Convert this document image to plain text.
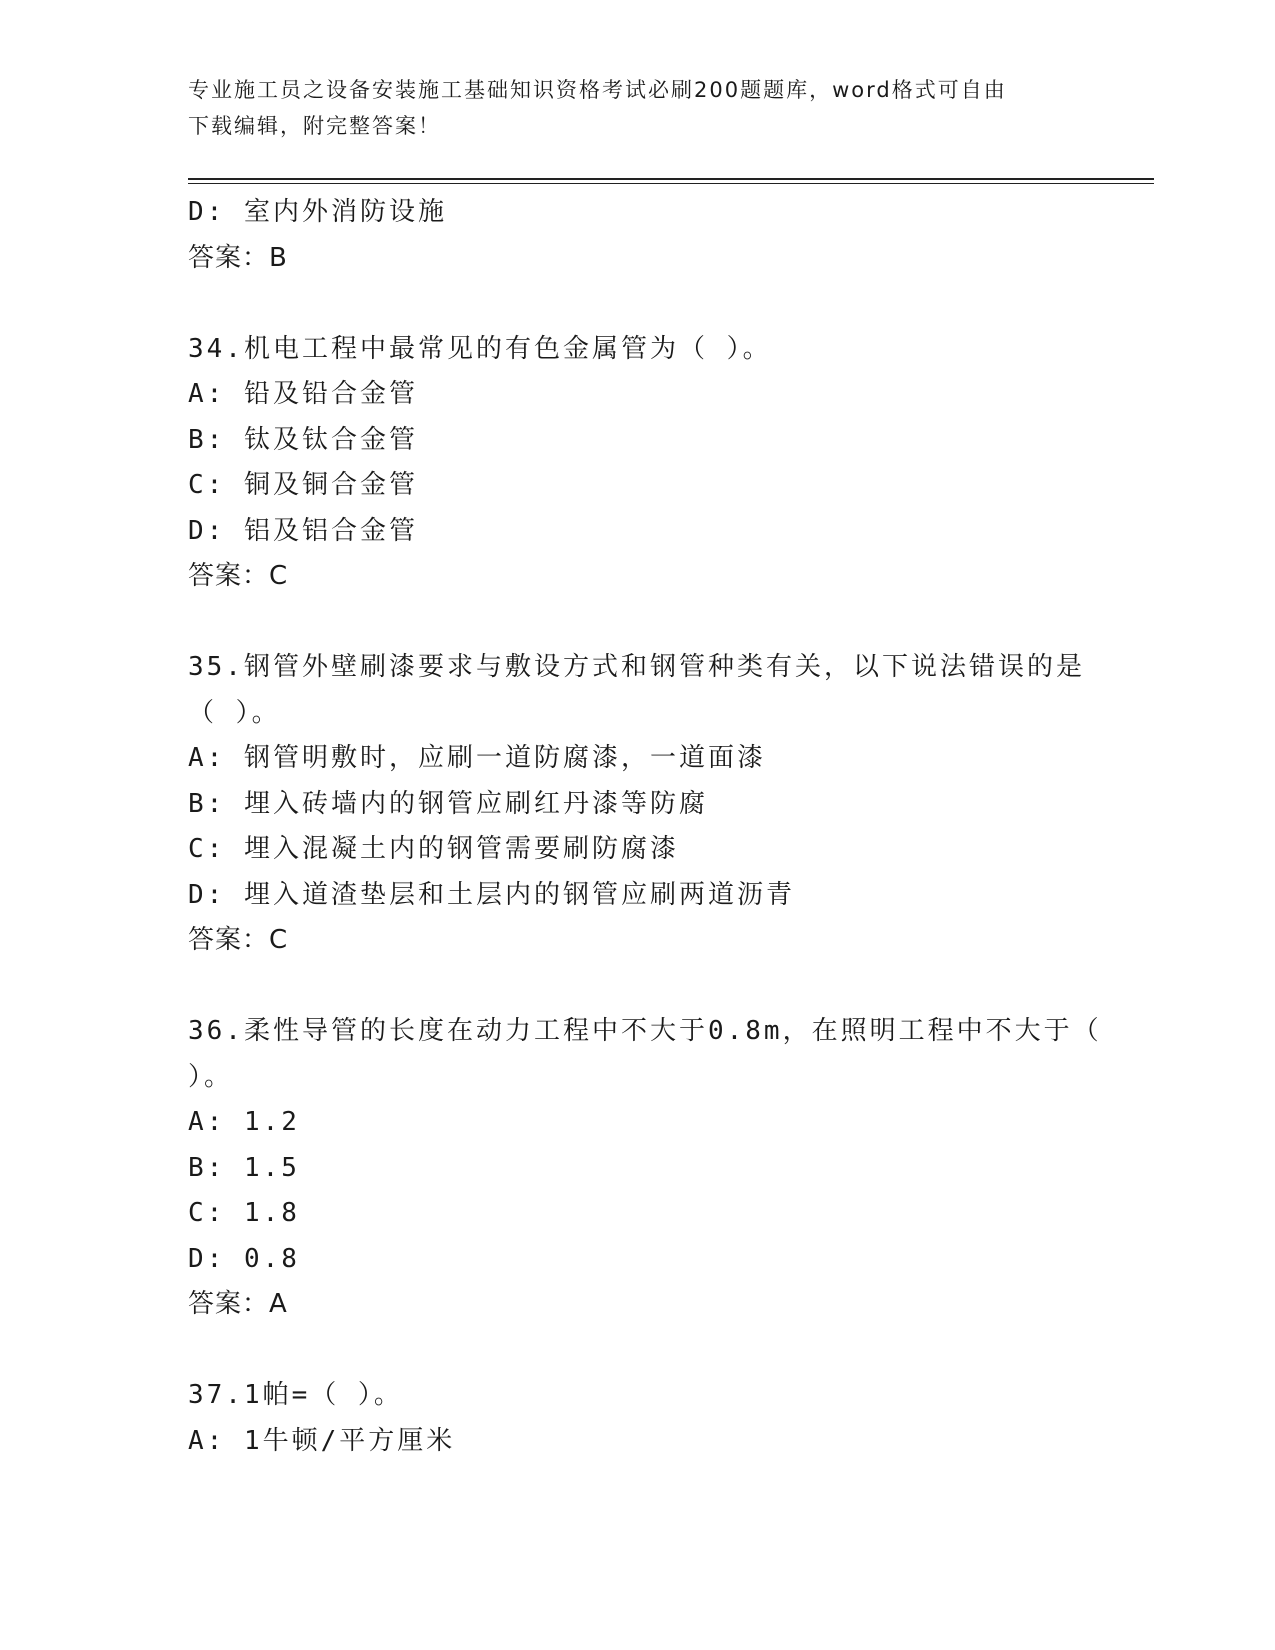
专业施工员之设备安装施工基础知识资格考试必刷200题题库，word格式可自由
下载编辑，附完整答案！
D: 室内外消防设施
答案：B
34.机电工程中最常见的有色金属管为（ ）。
A: 铅及铅合金管
B: 钛及钛合金管
C: 铜及铜合金管
D: 铝及铝合金管
答案：C
35.钢管外壁刷漆要求与敷设方式和钢管种类有关，以下说法错误的是
（ ）。
A: 钢管明敷时，应刷一道防腐漆，一道面漆
B: 埋入砖墙内的钢管应刷红丹漆等防腐
C: 埋入混凝土内的钢管需要刷防腐漆
D: 埋入道渣垫层和土层内的钢管应刷两道沥青
答案：C
36.柔性导管的长度在动力工程中不大于0.8m，在照明工程中不大于（
）。
A: 1.2
B: 1.5
C: 1.8
D: 0.8
答案：A
37.1帕=（ ）。
A: 1牛顿/平方厘米
